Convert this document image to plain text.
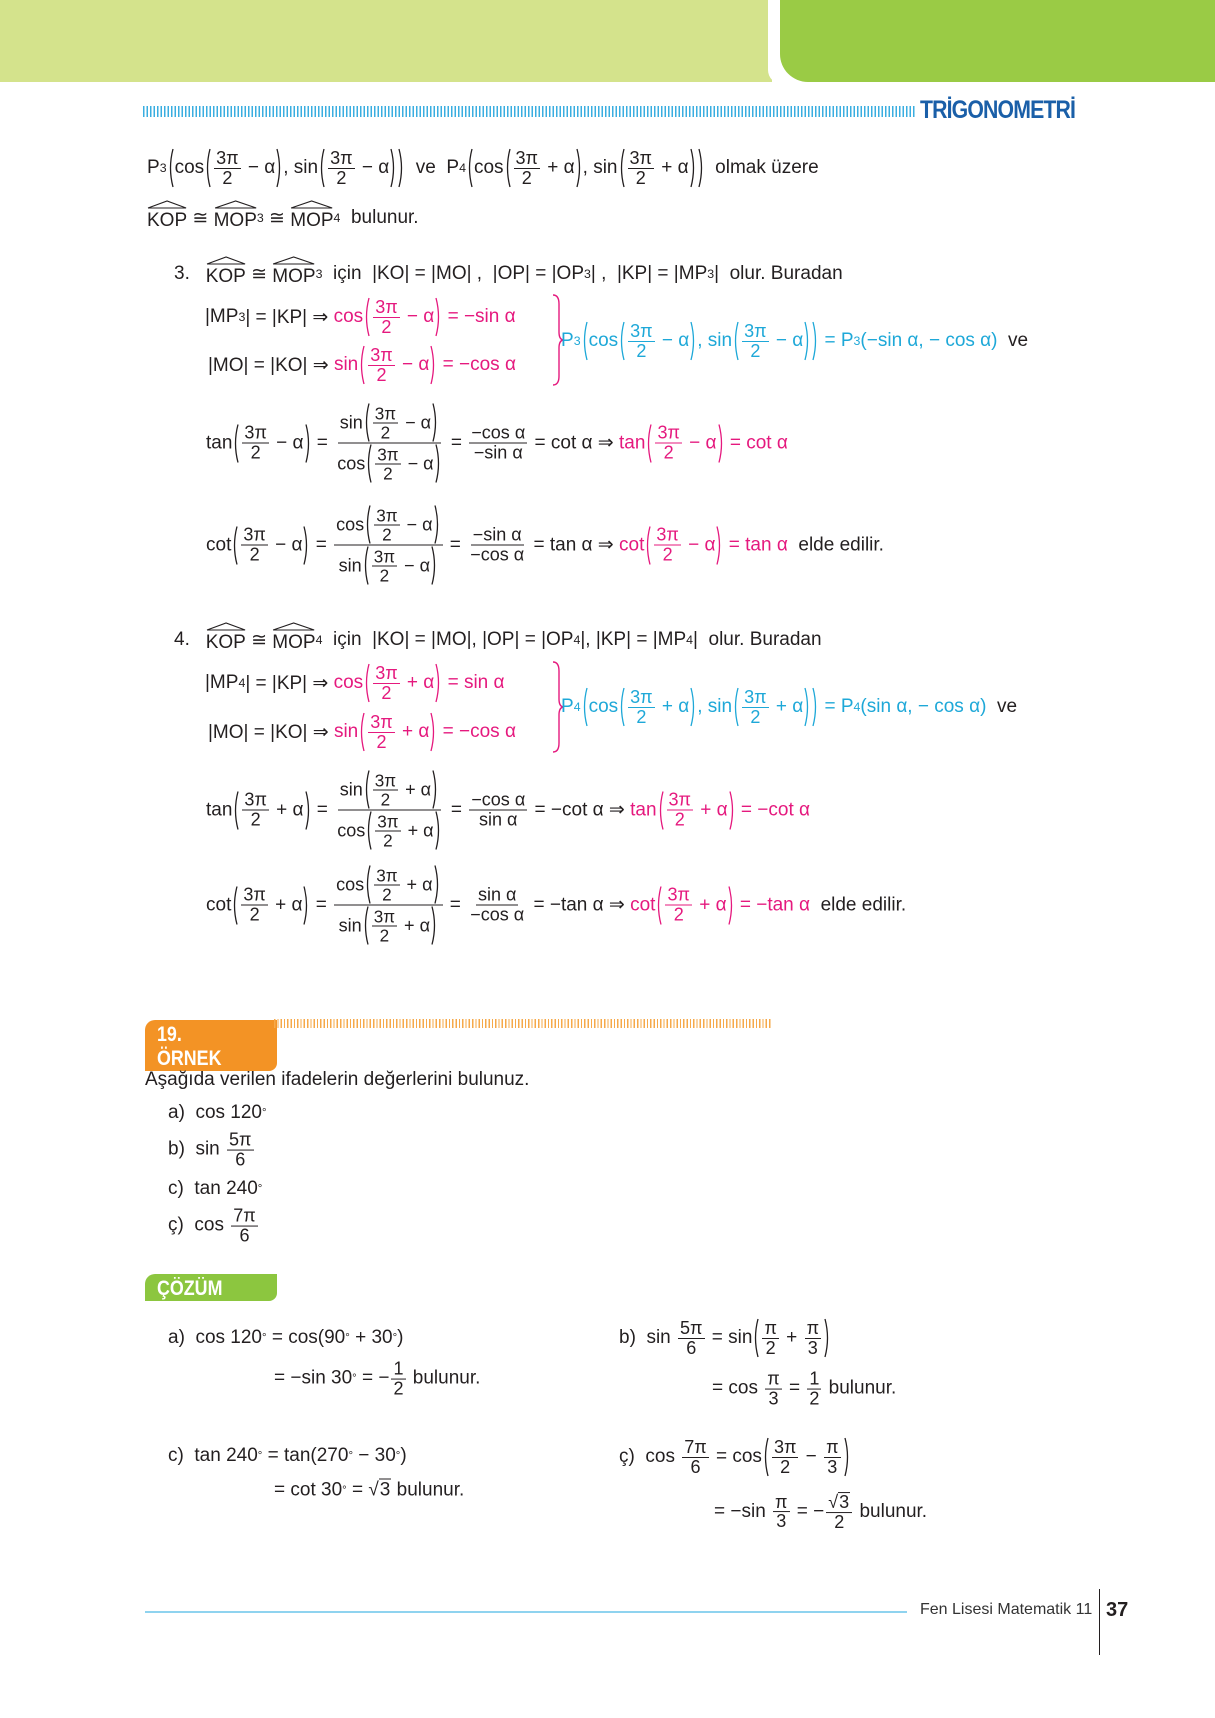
TRİGONOMETRİ
P 3 $\cos \frac{3\pi}{2} - \alpha$ , $\sin \frac{3\pi}{2} - \alpha$ ve  P 4 $\cos \frac{3\pi}{2} + \alpha$ , $\sin \frac{3\pi}{2} + \alpha$ olmak üzere
KOP ≅ MOP 3 ≅ MOP 4 bulunur.
3. KOP ≅ MOP 3 için  |KO| = |MO| ,  |OP| = |OP 3 | ,  |KP| = |MP 3 |  olur. Buradan
|MP 3 | = |KP| ⇒ $\cos \frac{3\pi}{2} - \alpha = -\sin$ α
P 3 $\cos \frac{3\pi}{2} - \alpha$ , $\sin \frac{3\pi}{2} - \alpha = P$ 3 (−sin α, − cos α) ve
|MO| = |KO| ⇒ $\sin \frac{3\pi}{2} - \alpha = -\cos$ α
$\tan \frac{3\pi}{2} - \alpha = \frac{\sin \frac{3\pi}{2} - \alpha}{\cos \frac{3\pi}{2} - \alpha} = \frac{\text{−cos α}}{\text{−sin α}} = \cot \alpha$ ⇒ $\tan \frac{3\pi}{2} - \alpha = \cot \alpha$
$\cot \frac{3\pi}{2} - \alpha = \frac{\cos \frac{3\pi}{2} - \alpha}{\sin \frac{3\pi}{2} - \alpha} = \frac{\text{−sin α}}{\text{−cos α}} = \tan \alpha$ ⇒ $\cot \frac{3\pi}{2} - \alpha = \tan \alpha$ elde edilir.
4. KOP ≅ MOP 4 için  |KO| = |MO|, |OP| = |OP 4 |, |KP| = |MP 4 |  olur. Buradan
|MP 4 | = |KP| ⇒ $\cos \frac{3\pi}{2} + \alpha = \sin \alpha$
P 4 $\cos \frac{3\pi}{2} + \alpha$ , $\sin \frac{3\pi}{2} + \alpha = P$ 4 (sin α, − cos α) ve
|MO| = |KO| ⇒ $\sin \frac{3\pi}{2} + \alpha = -\cos$ α
$\tan \frac{3\pi}{2} + \alpha = \frac{\sin \frac{3\pi}{2} + \alpha}{\cos \frac{3\pi}{2} + \alpha} = \frac{\text{−cos α}}{\text{sin α}} = -\cot$ α ⇒ $\tan \frac{3\pi}{2} + \alpha = -\cot$ α
$\cot \frac{3\pi}{2} + \alpha = \frac{\cos \frac{3\pi}{2} + \alpha}{\sin \frac{3\pi}{2} + \alpha} = \frac{\text{sin α}}{\text{−cos α}} = -\tan$ α ⇒ $\cot \frac{3\pi}{2} + \alpha = -\tan$ α elde edilir.
19. ÖRNEK
Aşağıda verilen ifadelerin değerlerini bulunuz.
a)  cos 120 °
b)  $\sin \frac{5\pi}{6}$
c)  tan 240 °
ç)  $\cos \frac{7\pi}{6}$
ÇÖZÜM
a)  cos 120 ° = cos(90 ° + 30 ° )
= −sin 30 ° = − $\frac{1}{2}$ bulunur.
b)  $\sin \frac{5\pi}{6} = \sin \frac{\pi}{2} + \frac{\pi}{3}$
= $\cos \frac{\pi}{3} = \frac{1}{2}$ bulunur.
c)  tan 240 ° = tan(270 ° − 30 ° )
= cot 30 ° = √ 3 bulunur.
ç)  $\cos \frac{7\pi}{6} = \cos \frac{3\pi}{2} - \frac{\pi}{3}$
= $-\sin \frac{\pi}{3}$ = − $\frac{√ 3}{2}$ bulunur.
Fen Lisesi Matematik 11 37
